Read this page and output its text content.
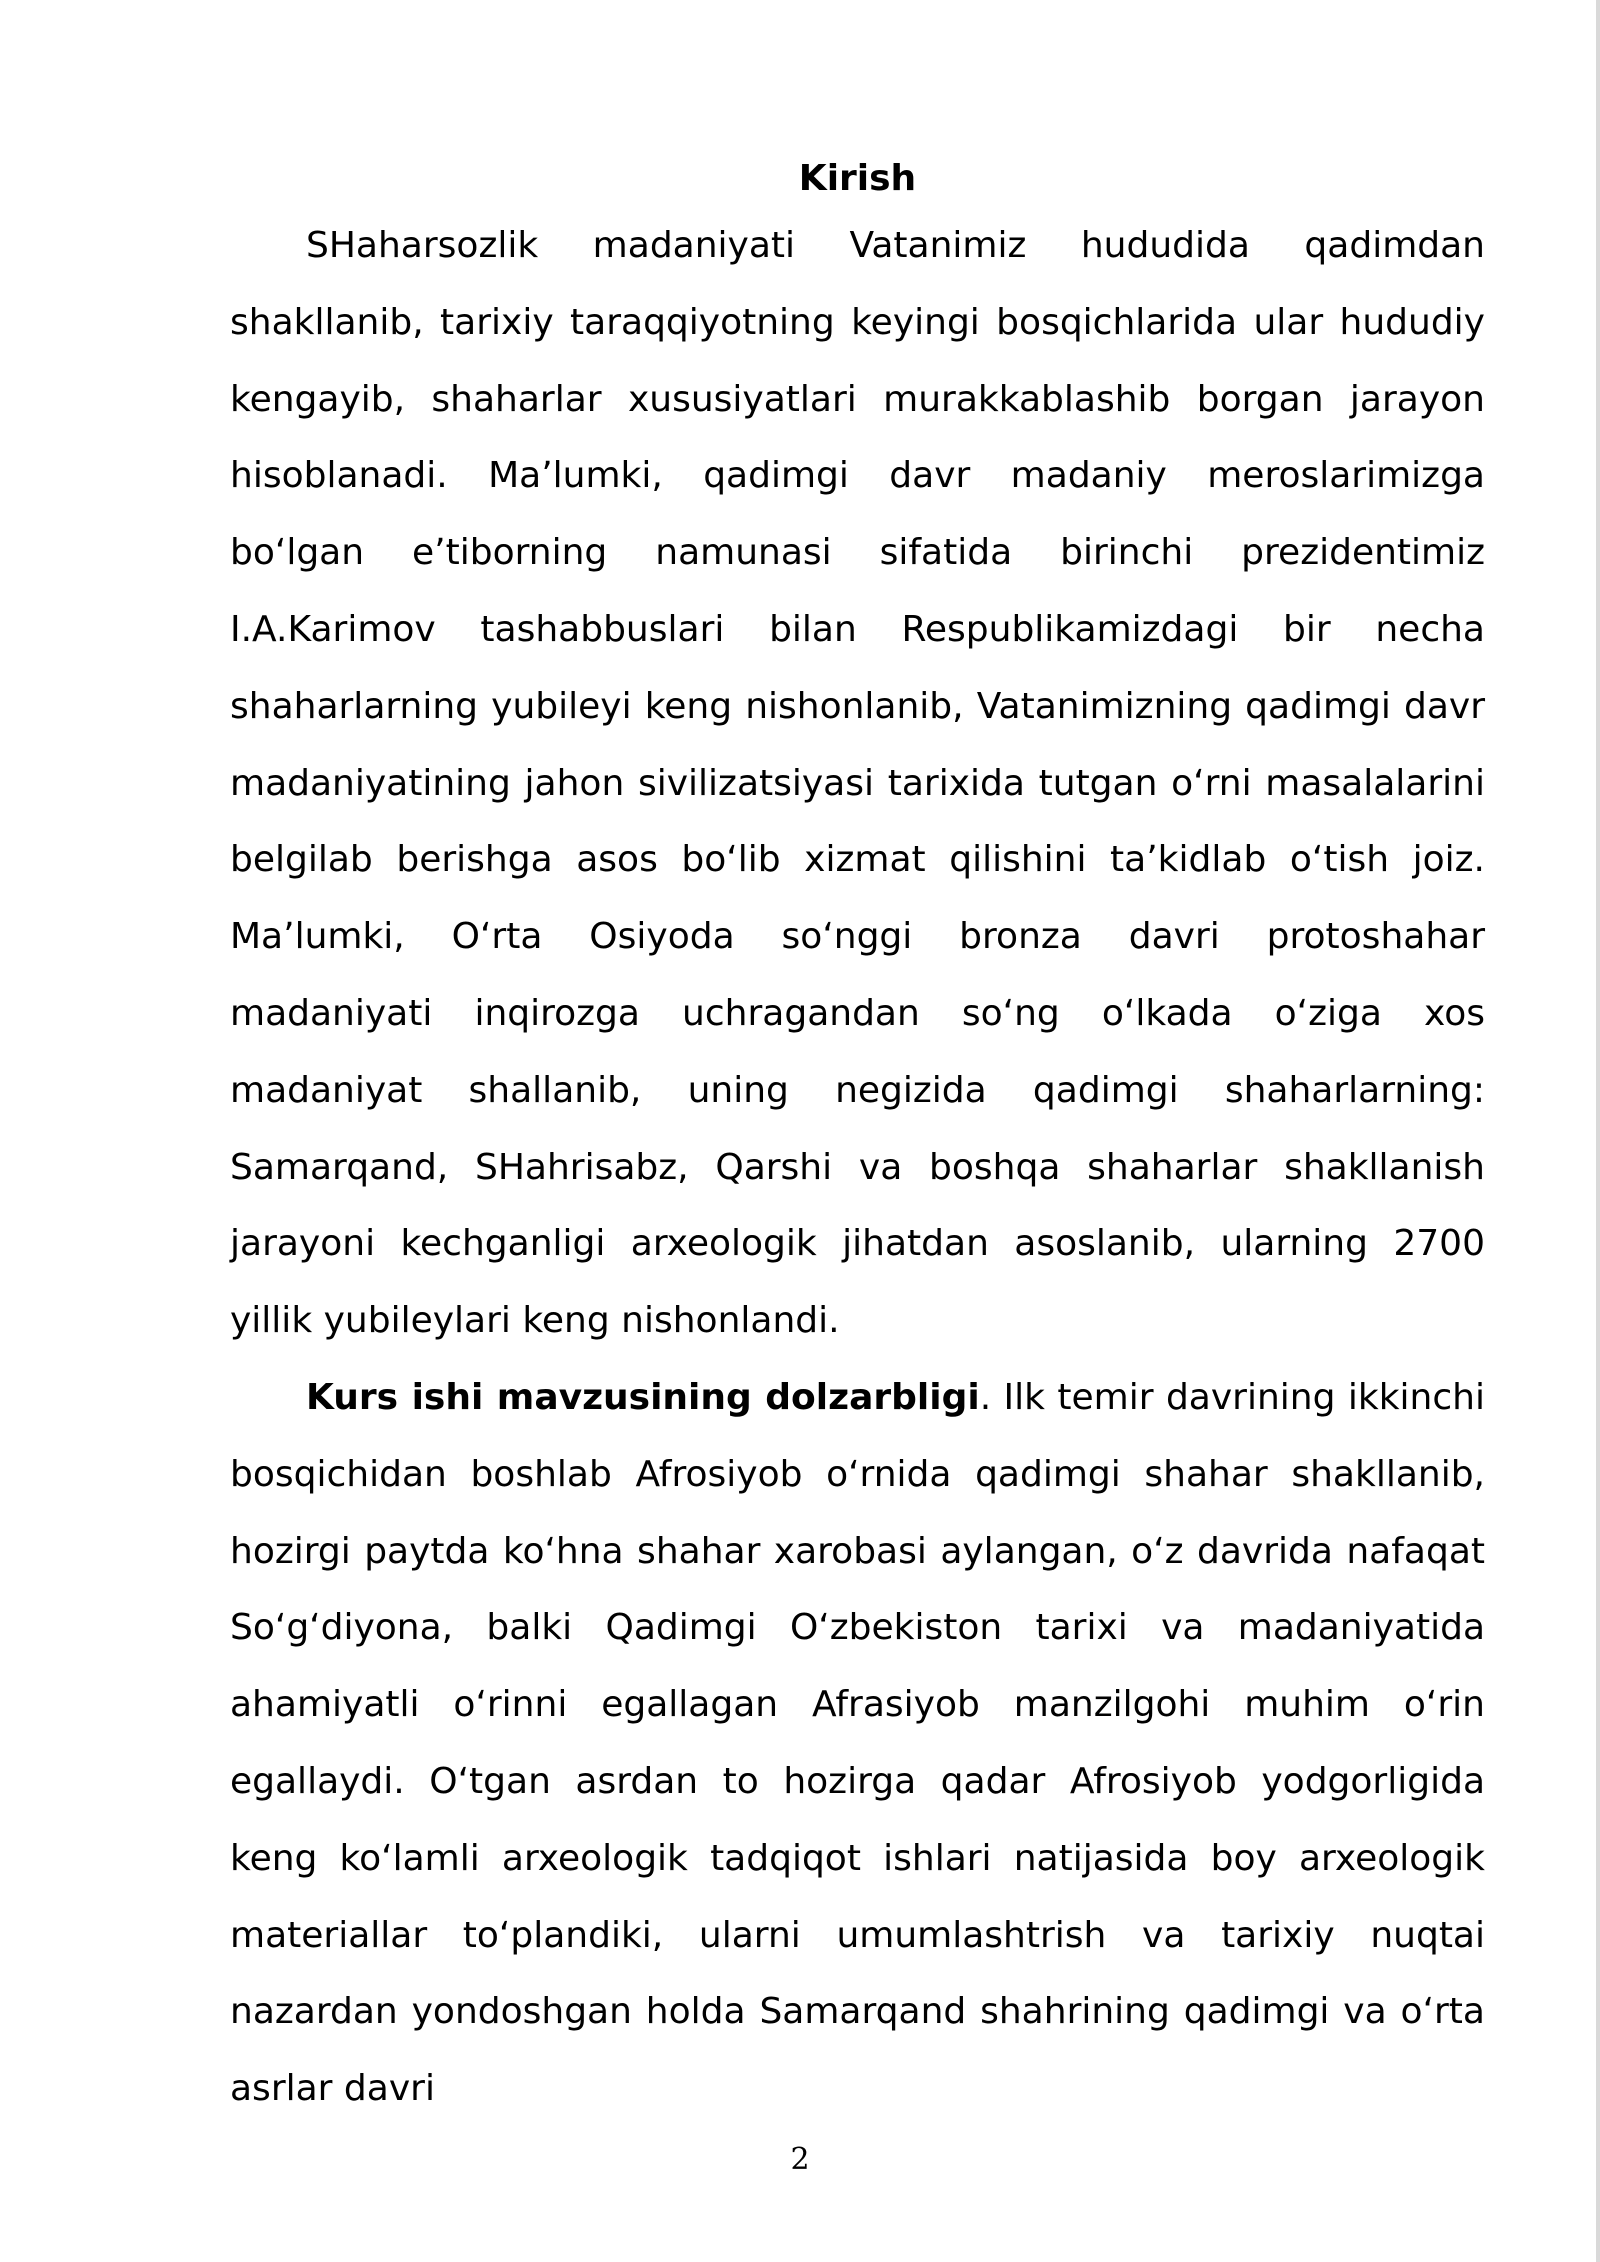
Kirish

SHaharsozlik madaniyati Vatanimiz hududida qadimdan shakllanib, tarixiy taraqqiyotning keyingi bosqichlarida ular hududiy kengayib, shaharlar xususiyatlari murakkablashib borgan jarayon hisoblanadi. Ma’lumki, qadimgi davr madaniy meroslarimizga bo‘lgan e’tiborning namunasi sifatida birinchi prezidentimiz I.A.Karimov tashabbuslari bilan Respublikamizdagi bir necha shaharlarning yubileyi keng nishonlanib, Vatanimizning qadimgi davr madaniyatining jahon sivilizatsiyasi tarixida tutgan o‘rni masalalarini belgilab berishga asos bo‘lib xizmat qilishini ta’kidlab o‘tish joiz. Ma’lumki, O‘rta Osiyoda so‘nggi bronza davri protoshahar madaniyati inqirozga uchragandan so‘ng o‘lkada o‘ziga xos madaniyat shallanib, uning negizida qadimgi shaharlarning: Samarqand, SHahrisabz, Qarshi va boshqa shaharlar shakllanish jarayoni kechganligi arxeologik jihatdan asoslanib, ularning 2700 yillik yubileylari keng nishonlandi.

Kurs ishi mavzusining dolzarbligi. Ilk temir davrining ikkinchi bosqichidan boshlab Afrosiyob o‘rnida qadimgi shahar shakllanib, hozirgi paytda ko‘hna shahar xarobasi aylangan, o‘z davrida nafaqat So‘g‘diyona, balki Qadimgi O‘zbekiston tarixi va madaniyatida ahamiyatli o‘rinni egallagan Afrasiyob manzilgohi muhim o‘rin egallaydi. O‘tgan asrdan to hozirga qadar Afrosiyob yodgorligida keng ko‘lamli arxeologik tadqiqot ishlari natijasida boy arxeologik materiallar to‘plandiki, ularni umumlashtrish va tarixiy nuqtai nazardan yondoshgan holda Samarqand shahrining qadimgi va o‘rta asrlar davri

2
